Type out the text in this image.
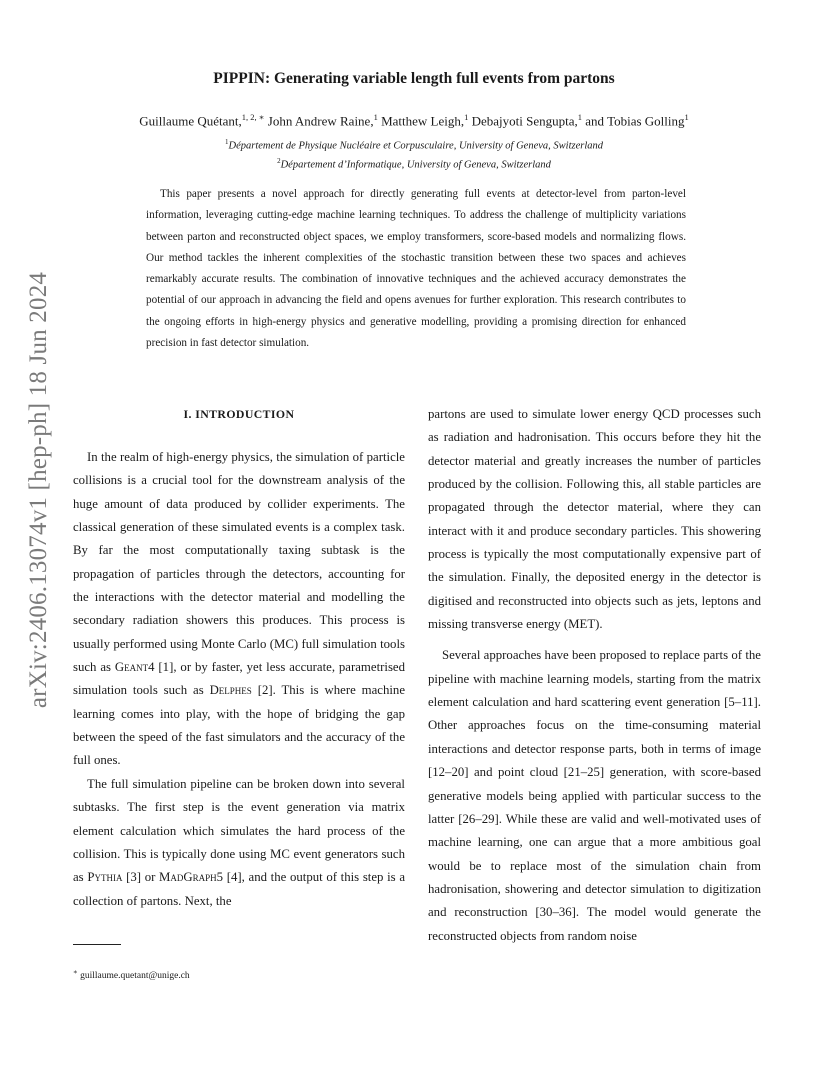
arXiv:2406.13074v1 [hep-ph] 18 Jun 2024
PIPPIN: Generating variable length full events from partons
Guillaume Quétant,$^{1, 2, ∗}$ John Andrew Raine,$^1$ Matthew Leigh,$^1$ Debajyoti Sengupta,$^1$ and Tobias Golling$^1$
$^1$Département de Physique Nucléaire et Corpusculaire, University of Geneva, Switzerland
$^2$Département d’Informatique, University of Geneva, Switzerland

This paper presents a novel approach for directly generating full events at detector-level from parton-level information, leveraging cutting-edge machine learning techniques. To address the challenge of multiplicity variations between parton and reconstructed object spaces, we employ transformers, score-based models and normalizing flows. Our method tackles the inherent complexities of the stochastic transition between these two spaces and achieves remarkably accurate results. The combination of innovative techniques and the achieved accuracy demonstrates the potential of our approach in advancing the field and opens avenues for further exploration. This research contributes to the ongoing efforts in high-energy physics and generative modelling, providing a promising direction for enhanced precision in fast detector simulation.

I. INTRODUCTION

In the realm of high-energy physics, the simulation of particle collisions is a crucial tool for the downstream analysis of the huge amount of data produced by collider experiments. The classical generation of these simulated events is a complex task. By far the most computationally taxing subtask is the propagation of particles through the detectors, accounting for the interactions with the detector material and modelling the secondary radiation showers this produces. This process is usually performed using Monte Carlo (MC) full simulation tools such as Geant4 [1], or by faster, yet less accurate, parametrised simulation tools such as Delphes [2]. This is where machine learning comes into play, with the hope of bridging the gap between the speed of the fast simulators and the accuracy of the full ones.

The full simulation pipeline can be broken down into several subtasks. The first step is the event generation via matrix element calculation which simulates the hard process of the collision. This is typically done using MC event generators such as Pythia [3] or MadGraph5 [4], and the output of this step is a collection of partons. Next, the

partons are used to simulate lower energy QCD processes such as radiation and hadronisation. This occurs before they hit the detector material and greatly increases the number of particles produced by the collision. Following this, all stable particles are propagated through the detector material, where they can interact with it and produce secondary particles. This showering process is typically the most computationally expensive part of the simulation. Finally, the deposited energy in the detector is digitised and reconstructed into objects such as jets, leptons and missing transverse energy (MET).

Several approaches have been proposed to replace parts of the pipeline with machine learning models, starting from the matrix element calculation and hard scattering event generation [5–11]. Other approaches focus on the time-consuming material interactions and detector response parts, both in terms of image [12–20] and point cloud [21–25] generation, with score-based generative models being applied with particular success to the latter [26–29]. While these are valid and well-motivated uses of machine learning, one can argue that a more ambitious goal would be to replace most of the simulation chain from hadronisation, showering and detector simulation to digitization and reconstruction [30–36]. The model would generate the reconstructed objects from random noise

∗ guillaume.quetant@unige.ch
